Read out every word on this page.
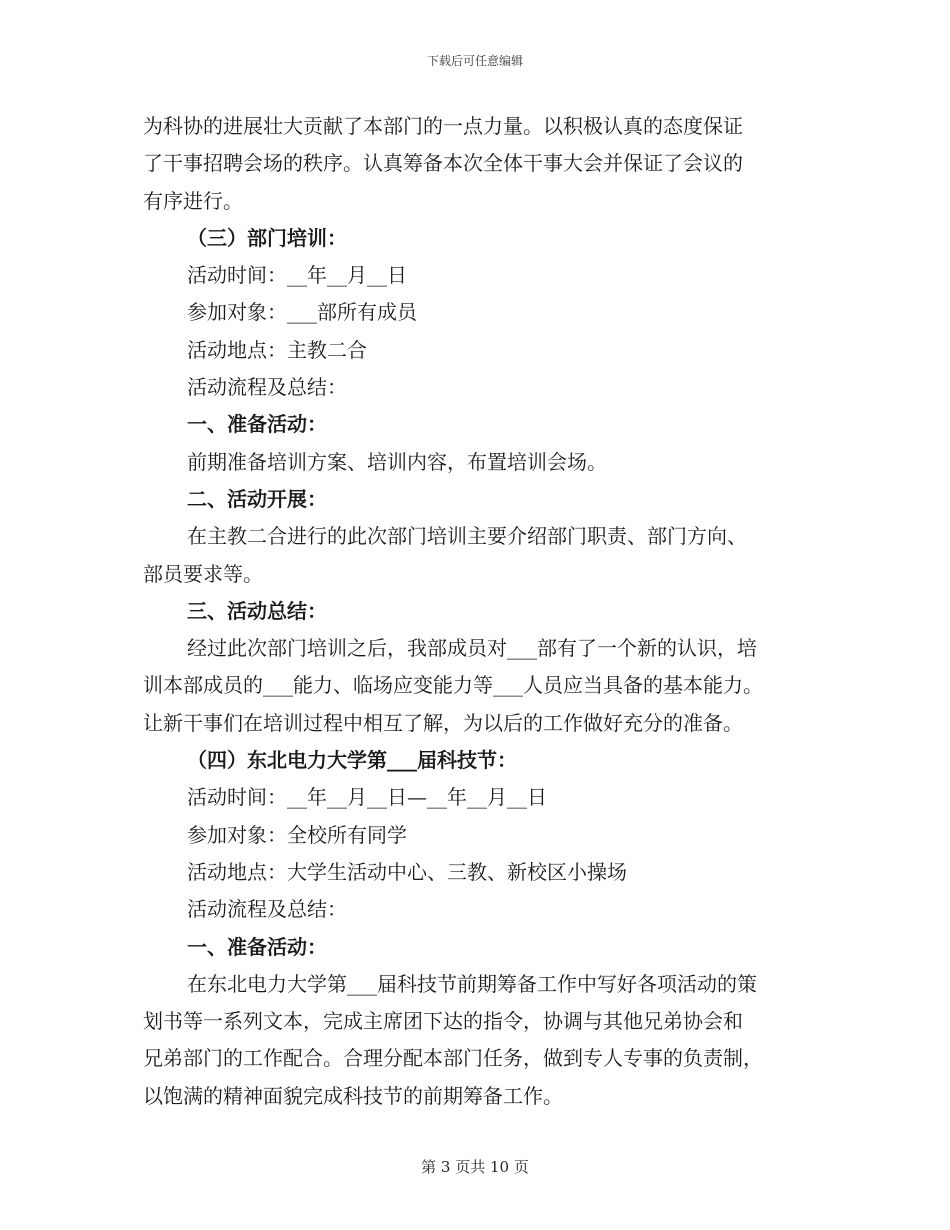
下载后可任意编辑
为科协的进展壮大贡献了本部门的一点力量。以积极认真的态度保证
了干事招聘会场的秩序。认真筹备本次全体干事大会并保证了会议的
有序进行。
（三）部门培训：
活动时间：__年__月__日
参加对象：___部所有成员
活动地点：主教二合
活动流程及总结：
一、准备活动：
前期准备培训方案、培训内容，布置培训会场。
二、活动开展：
在主教二合进行的此次部门培训主要介绍部门职责、部门方向、
部员要求等。
三、活动总结：
经过此次部门培训之后，我部成员对___部有了一个新的认识，培
训本部成员的___能力、临场应变能力等___人员应当具备的基本能力。
让新干事们在培训过程中相互了解，为以后的工作做好充分的准备。
（四）东北电力大学第___届科技节：
活动时间：__年__月__日—__年__月__日
参加对象：全校所有同学
活动地点：大学生活动中心、三教、新校区小操场
活动流程及总结：
一、准备活动：
在东北电力大学第___届科技节前期筹备工作中写好各项活动的策
划书等一系列文本，完成主席团下达的指令，协调与其他兄弟协会和
兄弟部门的工作配合。合理分配本部门任务，做到专人专事的负责制，
以饱满的精神面貌完成科技节的前期筹备工作。
第 3 页共 10 页
